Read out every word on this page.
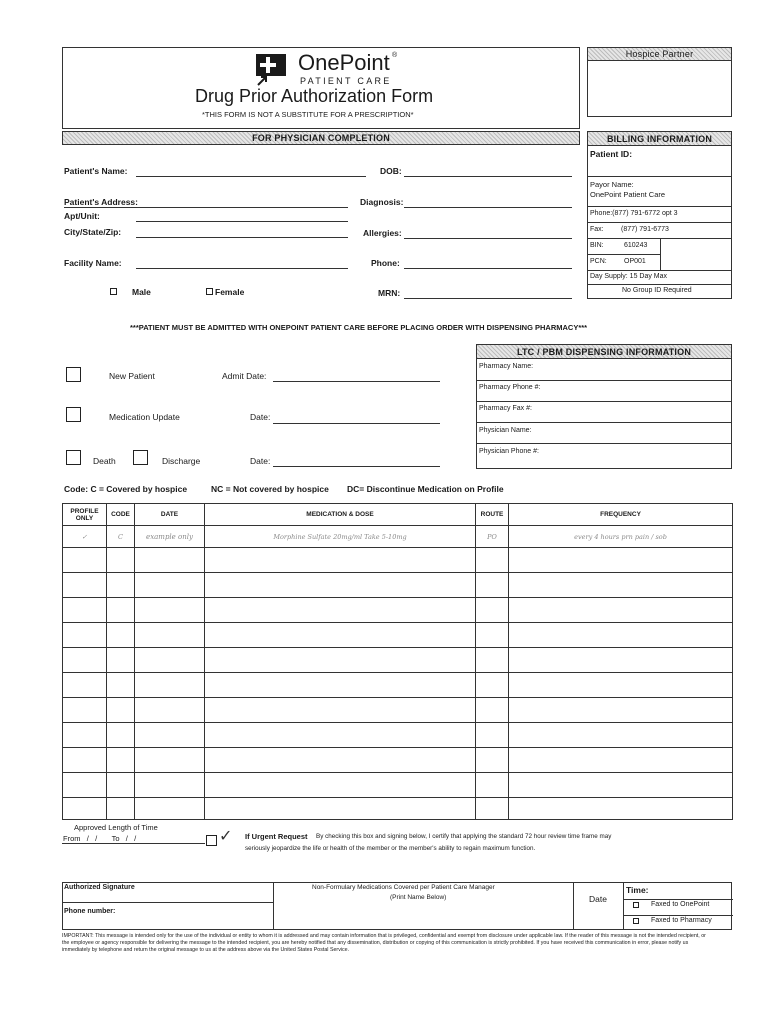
OnePoint ®
PATIENT CARE
Drug Prior Authorization Form
*THIS FORM IS NOT A SUBSTITUTE FOR A PRESCRIPTION*
Hospice Partner
FOR PHYSICIAN COMPLETION
Patient's Name:	DOB:
Patient's Address:	Diagnosis:
Apt/Unit:
City/State/Zip:	Allergies:
Facility Name:	Phone:
Male	Female	MRN:
BILLING INFORMATION
Patient ID:
Payor Name:
OnePoint Patient Care
Phone:(877) 791-6772 opt 3
Fax: (877) 791-6773
BIN:	610243
PCN: OP001
Day Supply: 15 Day Max
No Group ID Required
***PATIENT MUST BE ADMITTED WITH ONEPOINT PATIENT CARE BEFORE PLACING ORDER WITH DISPENSING PHARMACY***
New Patient	Admit Date:
Medication Update	Date:
Death	Discharge	Date:
LTC / PBM DISPENSING INFORMATION
Pharmacy Name:
Pharmacy Phone #:
Pharmacy Fax #:
Physician Name:
Physician Phone #:
Code: C = Covered by hospice	NC = Not covered by hospice DC= Discontinue Medication on Profile
PROFILE ONLY	CODE	DATE	MEDICATION & DOSE	ROUTE	FREQUENCY
✓	C	example only	Morphine Sulfate 20mg/ml Take 5-10mg	PO	every 4 hours prn pain / sob

Approved Length of Time
From   /   /       To   /   /	✓ If Urgent Request By checking this box and signing below, I certify that applying the standard 72 hour review time frame may
seriously jeopardize the life or health of the member or the member's ability to regain maximum function.
Authorized Signature
Phone number:
Non-Formulary Medications Covered per Patient Care Manager
(Print Name Below)	Date
Time:
Faxed to OnePoint
Faxed to Pharmacy
IMPORTANT: This message is intended only for the use of the individual or entity to whom it is addressed and may contain information that is privileged, confidential and exempt from disclosure under applicable law. If the reader of this message is not the intended recipient, or the employee or agency responsible for delivering the message to the intended recipient, you are hereby notified that any dissemination, distribution or copying of this communication is strictly prohibited. If you have received this communication in error, please notify us immediately by telephone and return the original message to us at the address above via the United States Postal Service.
